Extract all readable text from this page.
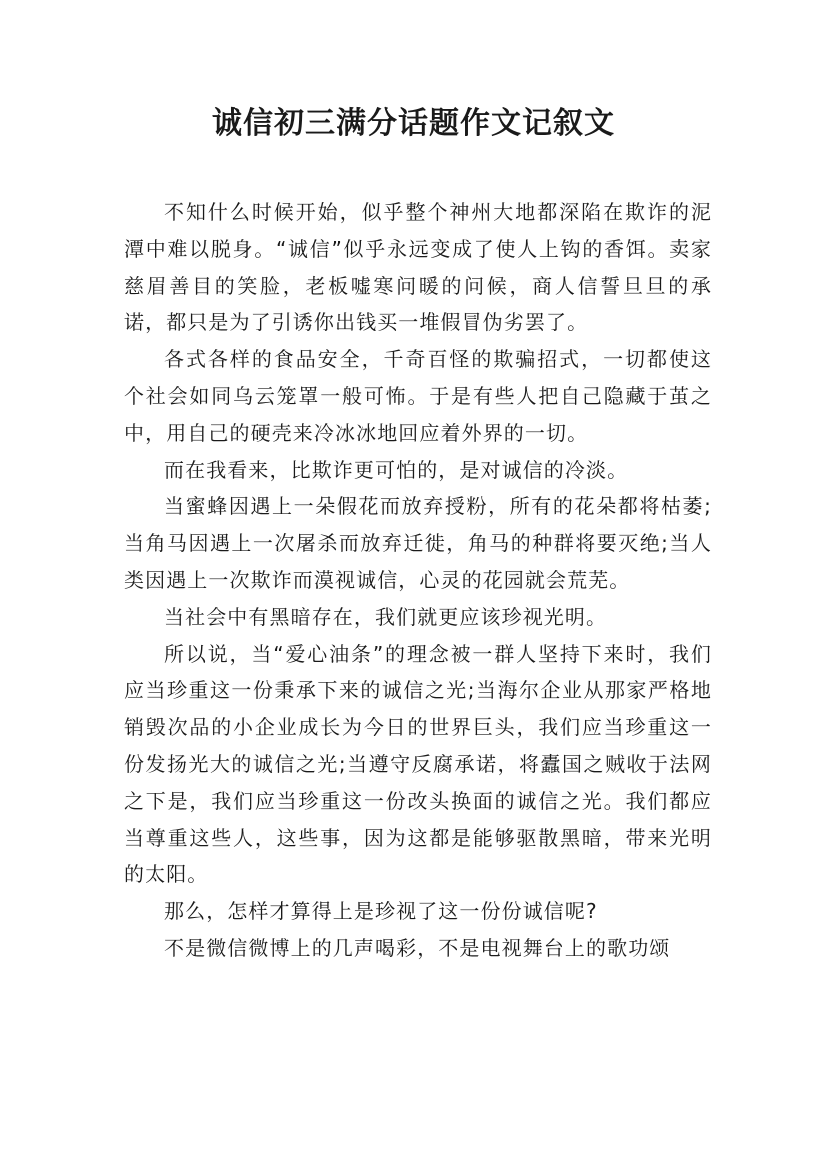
诚信初三满分话题作文记叙文

不知什么时候开始，似乎整个神州大地都深陷在欺诈的泥潭中难以脱身。“诚信”似乎永远变成了使人上钩的香饵。卖家慈眉善目的笑脸，老板嘘寒问暖的问候，商人信誓旦旦的承诺，都只是为了引诱你出钱买一堆假冒伪劣罢了。

各式各样的食品安全，千奇百怪的欺骗招式，一切都使这个社会如同乌云笼罩一般可怖。于是有些人把自己隐藏于茧之中，用自己的硬壳来冷冰冰地回应着外界的一切。

而在我看来，比欺诈更可怕的，是对诚信的冷淡。

当蜜蜂因遇上一朵假花而放弃授粉，所有的花朵都将枯萎;当角马因遇上一次屠杀而放弃迁徙，角马的种群将要灭绝;当人类因遇上一次欺诈而漠视诚信，心灵的花园就会荒芜。

当社会中有黑暗存在，我们就更应该珍视光明。

所以说，当“爱心油条”的理念被一群人坚持下来时，我们应当珍重这一份秉承下来的诚信之光;当海尔企业从那家严格地销毁次品的小企业成长为今日的世界巨头，我们应当珍重这一份发扬光大的诚信之光;当遵守反腐承诺，将蠹国之贼收于法网之下是，我们应当珍重这一份改头换面的诚信之光。我们都应当尊重这些人，这些事，因为这都是能够驱散黑暗，带来光明的太阳。

那么，怎样才算得上是珍视了这一份份诚信呢?

不是微信微博上的几声喝彩，不是电视舞台上的歌功颂
